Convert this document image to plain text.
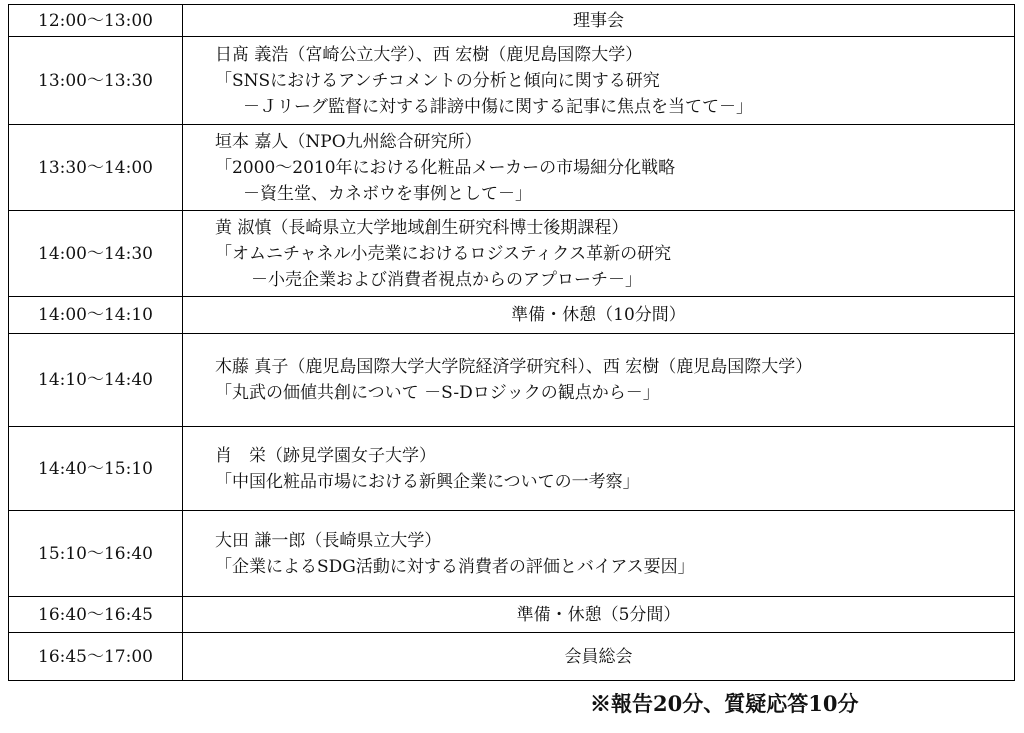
12:00～13:00	理事会
13:00～13:30	日髙 義浩（宮崎公立大学）、西 宏樹（鹿児島国際大学）
「SNSにおけるアンチコメントの分析と傾向に関する研究
－Ｊリーグ監督に対する誹謗中傷に関する記事に焦点を当てて－」

13:30～14:00	垣本 嘉人（NPO九州総合研究所）
「2000～2010年における化粧品メーカーの市場細分化戦略
－資生堂、カネボウを事例として－」

14:00～14:30	黄 淑慎（長崎県立大学地域創生研究科博士後期課程）
「オムニチャネル小売業におけるロジスティクス革新の研究
－小売企業および消費者視点からのアプローチ－」

14:00～14:10	準備・休憩（10分間）
14:10～14:40	木藤 真子（鹿児島国際大学大学院経済学研究科）、西 宏樹（鹿児島国際大学）
「丸武の価値共創について －S-Dロジックの観点から－」

14:40～15:10	肖　栄（跡見学園女子大学）
「中国化粧品市場における新興企業についての一考察」

15:10～16:40	大田 謙一郎（長崎県立大学）
「企業によるSDG活動に対する消費者の評価とバイアス要因」

16:40～16:45	準備・休憩（5分間）
16:45～17:00	会員総会
※報告20分、質疑応答10分
